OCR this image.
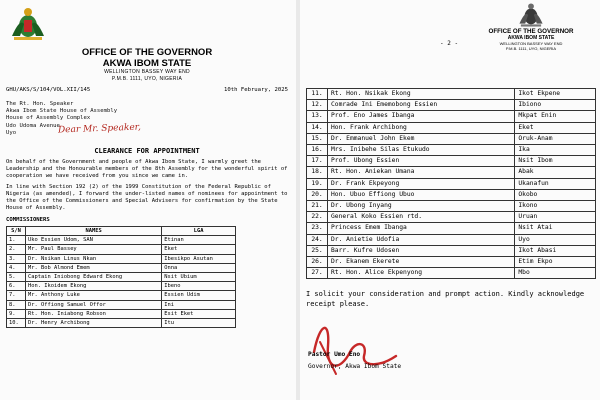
OFFICE OF THE GOVERNOR
AKWA IBOM STATE
WELLINGTON BASSEY WAY END
P.M.B. 1111, UYO, NIGERIA
GHU/AKS/S/104/VOL.XII/145	10th February, 2025
The Rt. Hon. Speaker
Akwa Ibom State House of Assembly
House of Assembly Complex
Udo Udoma Avenue
Uyo	Dear Mr. Speaker,
CLEARANCE FOR APPOINTMENT
On behalf of the Government and people of Akwa Ibom State, I warmly greet the Leadership and the Honourable members of the 8th Assembly for the wonderful spirit of cooperation we have received from you since we came in.
In line with Section 192 (2) of the 1999 Constitution of the Federal Republic of Nigeria (as amended), I forward the under-listed names of nominees for appointment to the Office of the Commissioners and Special Advisers for confirmation by the State House of Assembly.
COMMISSIONERS
S/N	NAMES	LGA
1.	Uko Essien Udom, SAN	Etinan
2.	Mr. Paul Bassey	Eket
3.	Dr. Nsikan Linus Nkan	Ibesikpo Asutan
4.	Mr. Bob Almond Emem	Onna
5.	Captain Iniobong Edward Ekong	Nsit Ubium
6.	Hon. Ikoidem Ekong	Ibeno
7.	Mr. Anthony Luke	Essien Udim
8.	Dr. Offiong Samuel Offor	Ini
9.	Rt. Hon. Iniabong Robson	Esit Eket
10.	Dr. Henry Archibong	Itu
OFFICE OF THE GOVERNOR
AKWA IBOM STATE
WELLINGTON BASSEY WAY END
P.M.B. 1111, UYO, NIGERIA
- 2 -
11.	Rt. Hon. Nsikak Ekong	Ikot Ekpene
12.	Comrade Ini Ememobong Essien	Ibiono
13.	Prof. Eno James Ibanga	Mkpat Enin
14.	Hon. Frank Archibong	Eket
15.	Dr. Emmanuel John Ekem	Oruk-Anam
16.	Mrs. Inibehe Silas Etukudo	Ika
17.	Prof. Ubong Essien	Nsit Ibom
18.	Rt. Hon. Aniekan Umana	Abak
19.	Dr. Frank Ekpeyong	Ukanafun
20.	Hon. Ubuo Effiong Ubuo	Okobo
21.	Dr. Ubong Inyang	Ikono
22.	General Koko Essien rtd.	Uruan
23.	Princess Emem Ibanga	Nsit Atai
24.	Dr. Anietie Udofia	Uyo
25.	Barr. Kufre Udosen	Ikot Abasi
26.	Dr. Ekanem Ekerete	Etim Ekpo
27.	Rt. Hon. Alice Ekpenyong	Mbo
I solicit your consideration and prompt action. Kindly acknowledge receipt please.
Pastor Umo Eno
Governor, Akwa Ibom State
